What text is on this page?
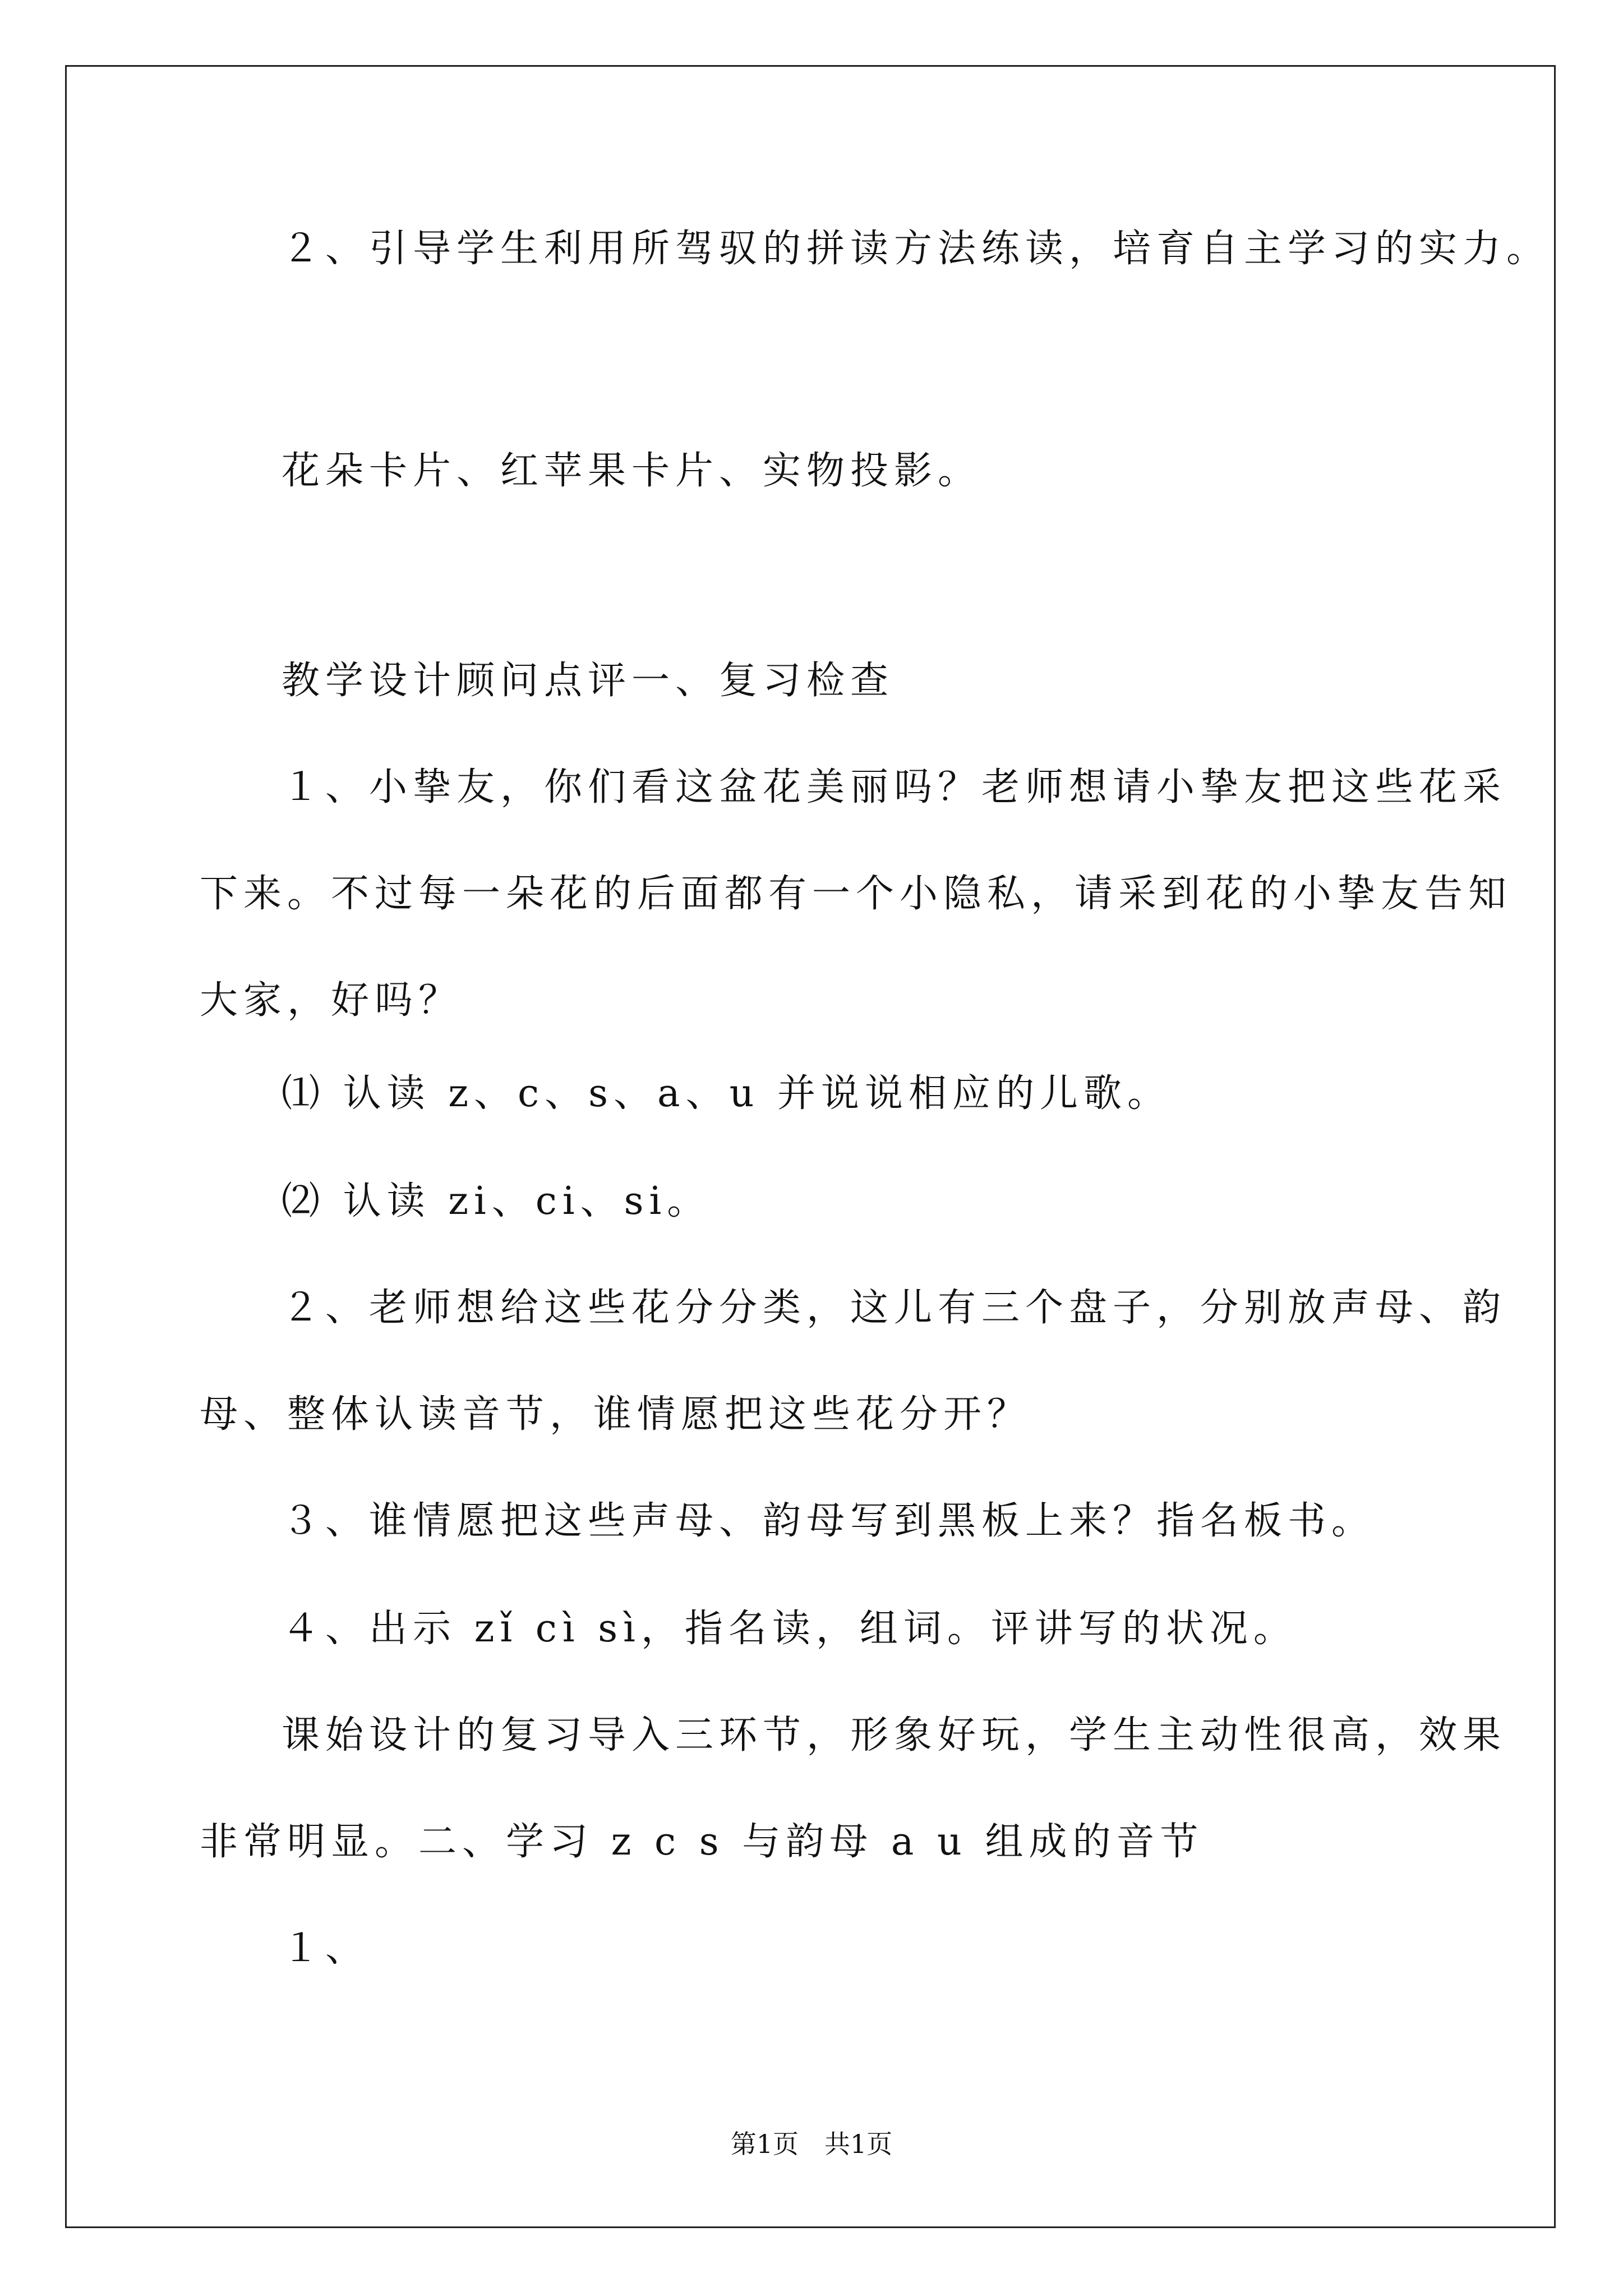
２、引导学生利用所驾驭的拼读方法练读，培育自主学习的实力。
花朵卡片、红苹果卡片、实物投影。
教学设计顾问点评一、复习检查
１、小挚友，你们看这盆花美丽吗？老师想请小挚友把这些花采
下来。不过每一朵花的后面都有一个小隐私，请采到花的小挚友告知
大家，好吗？
⑴ 认读 z、c、s、a、u 并说说相应的儿歌。
⑵ 认读 zi、ci、si。
２、老师想给这些花分分类，这儿有三个盘子，分别放声母、韵
母、整体认读音节，谁情愿把这些花分开？
３、谁情愿把这些声母、韵母写到黑板上来？指名板书。
４、出示 zǐ cì sì，指名读，组词。评讲写的状况。
课始设计的复习导入三环节，形象好玩，学生主动性很高，效果
非常明显。二、学习 z c s 与韵母 a u 组成的音节
１、
第1页　共1页
